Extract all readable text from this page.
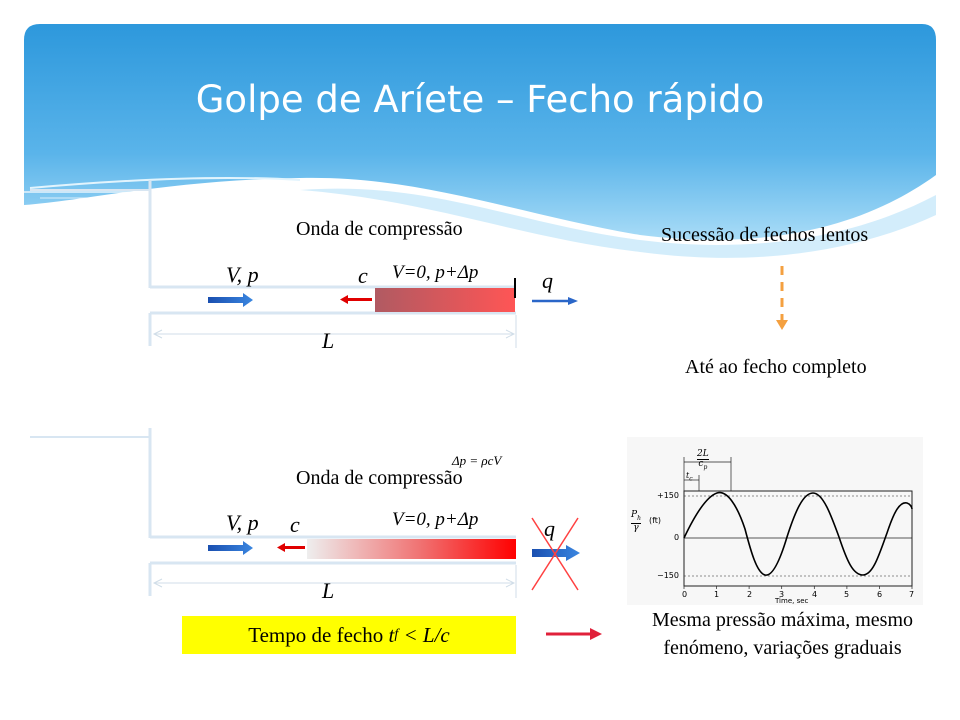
Golpe de Aríete – Fecho rápido
Onda de compressão
V, p	c V=0, p+Δp	q
L
Sucessão de fechos lentos
Até ao fecho completo
Δp = ρcV
Onda de compressão
V, p c	V=0, p+Δp	q
L
Tempo de fecho t f < L/c
2L
$c_p$
$t_c$
$P_h$
γ
(ft)
+150
0
−150
0	1	2	3	4	5	6	7
Time, sec
Mesma pressão máxima, mesmo fenómeno, variações graduais
